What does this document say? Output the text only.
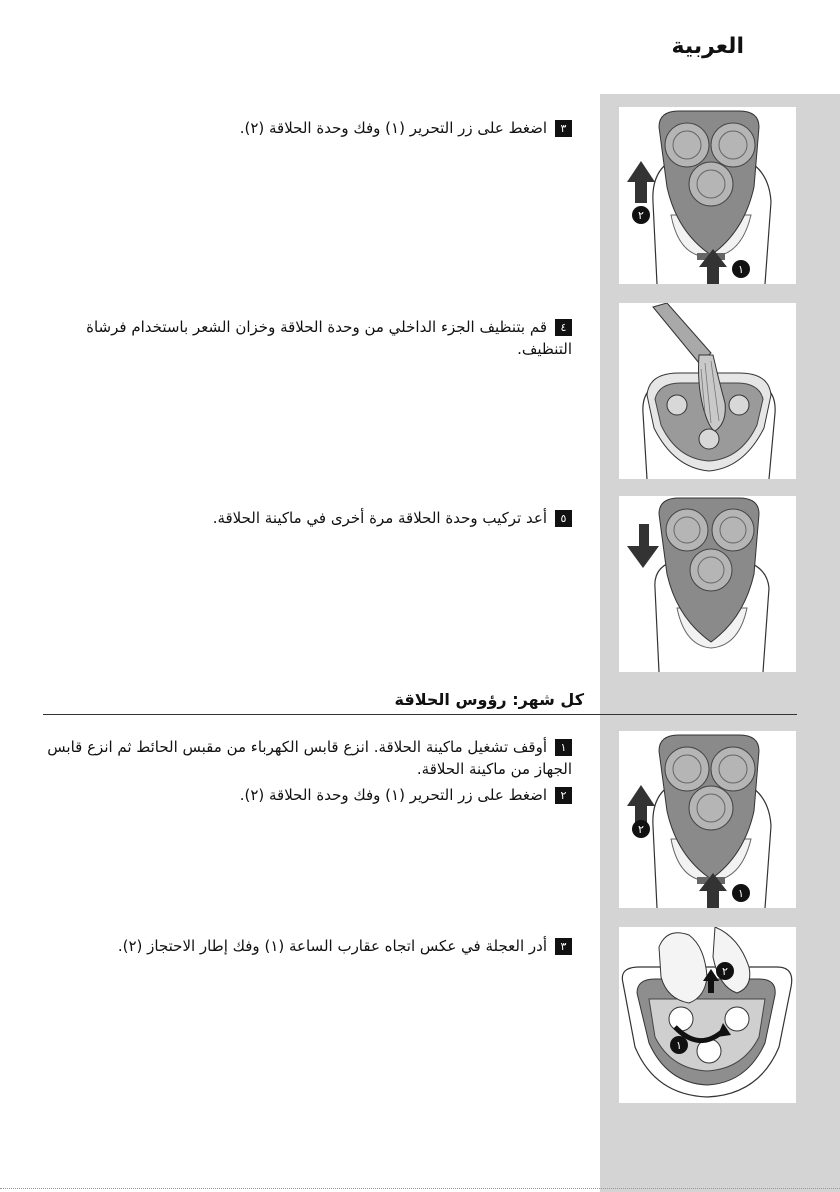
العربية
٣اضغط على زر التحرير (١) وفك وحدة الحلاقة (٢).
٤قم بتنظيف الجزء الداخلي من وحدة الحلاقة وخزان الشعر باستخدام فرشاة التنظيف.
٥أعد تركيب وحدة الحلاقة مرة أخرى في ماكينة الحلاقة.
كل شهر: رؤوس الحلاقة
١أوقف تشغيل ماكينة الحلاقة. انزع قابس الكهرباء من مقبس الحائط ثم انزع قابس الجهاز من ماكينة الحلاقة.
٢اضغط على زر التحرير (١) وفك وحدة الحلاقة (٢).
٣أدر العجلة في عكس اتجاه عقارب الساعة (١) وفك إطار الاحتجاز (٢).
٢
١
٢
١
٢
١
